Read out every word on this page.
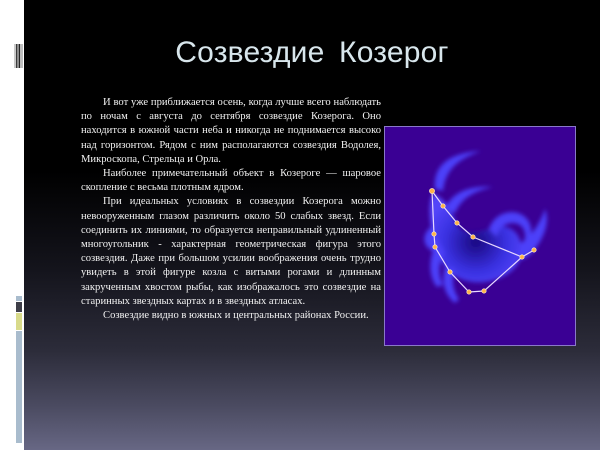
Созвездие Козерог

И вот уже приближается осень, когда лучше всего наблюдать по ночам с августа до сентября созвездие Козерога. Оно находится в южной части неба и никогда не поднимается высоко над горизонтом. Рядом с ним располагаются созвездия Водолея, Микроскопа, Стрельца и Орла.

Наиболее примечательный объект в Козероге — шаровое скопление с весьма плотным ядром.

При идеальных условиях в созвездии Козерога можно невооруженным глазом различить около 50 слабых звезд. Если соединить их линиями, то образуется неправильный удлиненный многоугольник - характерная геометрическая фигура этого созвездия. Даже при большом усилии воображения очень трудно увидеть в этой фигуре козла с витыми рогами и длинным закрученным хвостом рыбы, как изображалось это созвездие на старинных звездных картах и в звездных атласах.

Созвездие видно в южных и центральных районах России.
